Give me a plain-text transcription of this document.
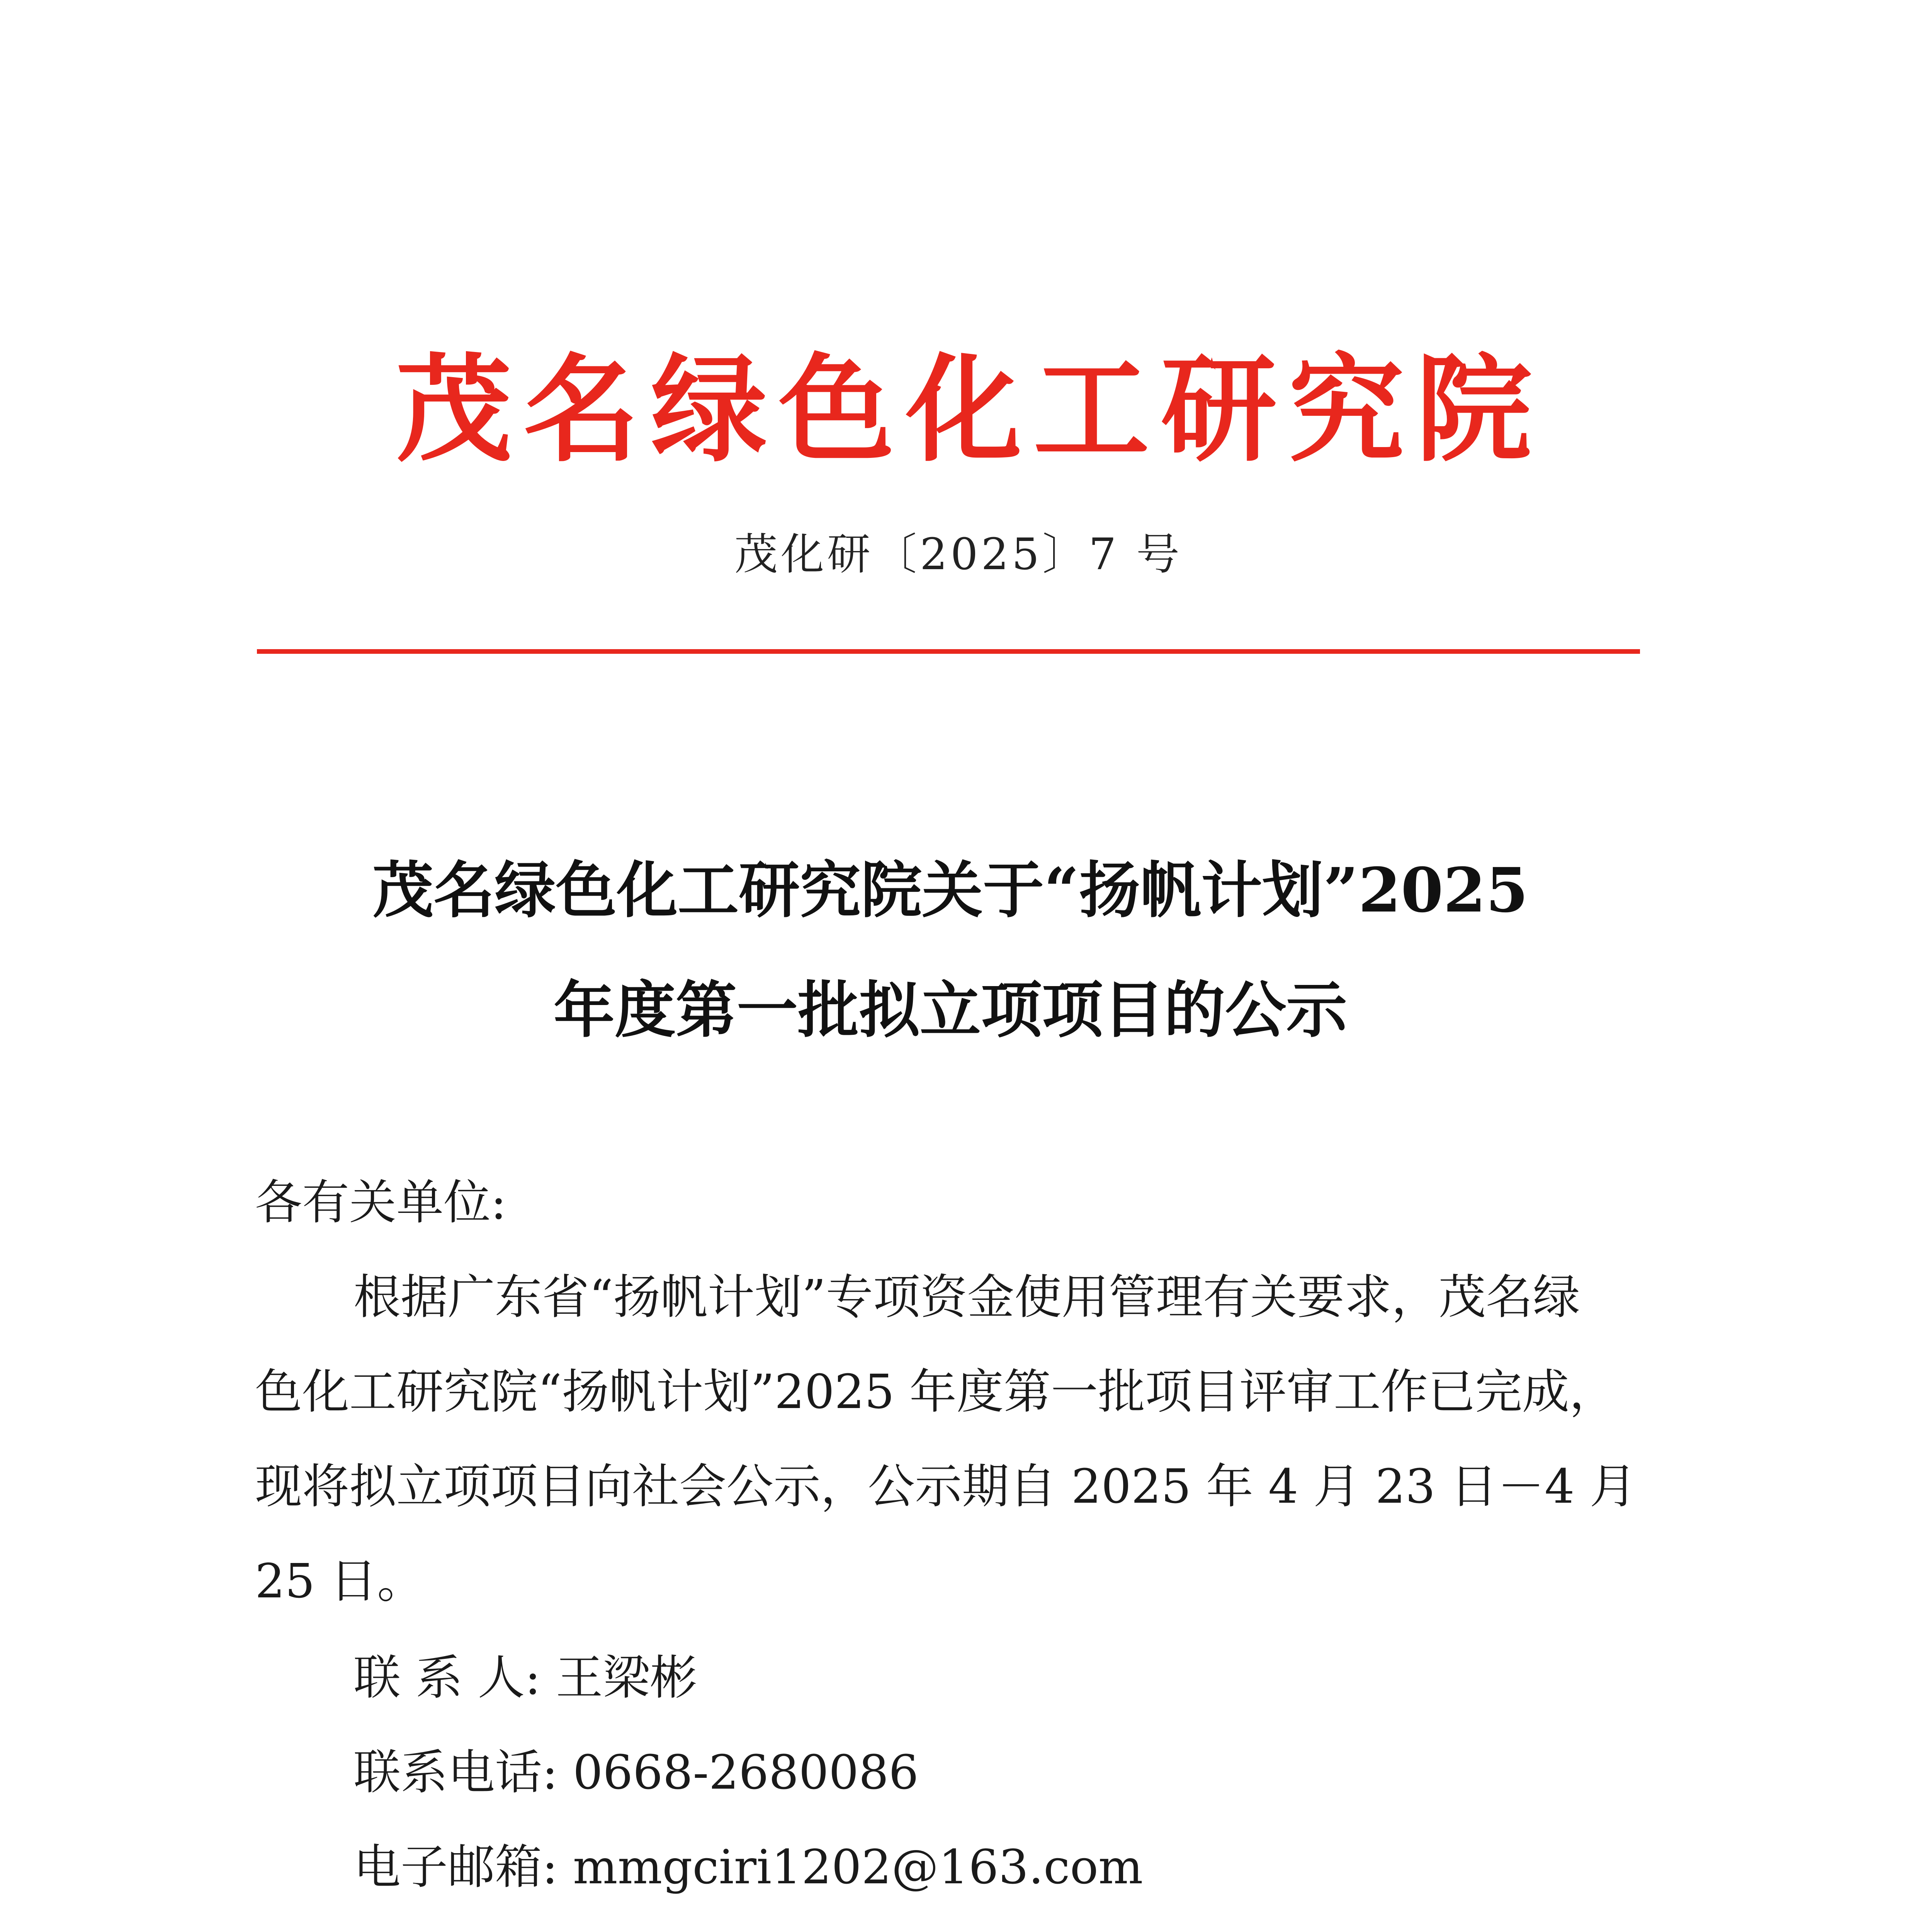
茂名绿色化工研究院
茂化研〔2025〕7 号
茂名绿色化工研究院关于“扬帆计划”2025
年度第一批拟立项项目的公示
各有关单位:
根据广东省“扬帆计划”专项资金使用管理有关要求，茂名绿
色化工研究院“扬帆计划”2025 年度第一批项目评审工作已完成，
现将拟立项项目向社会公示，公示期自 2025 年 4 月 23 日－4 月
25 日。
联 系 人: 王梁彬
联系电话: 0668-2680086
电子邮箱: mmgciri1202@163.com
